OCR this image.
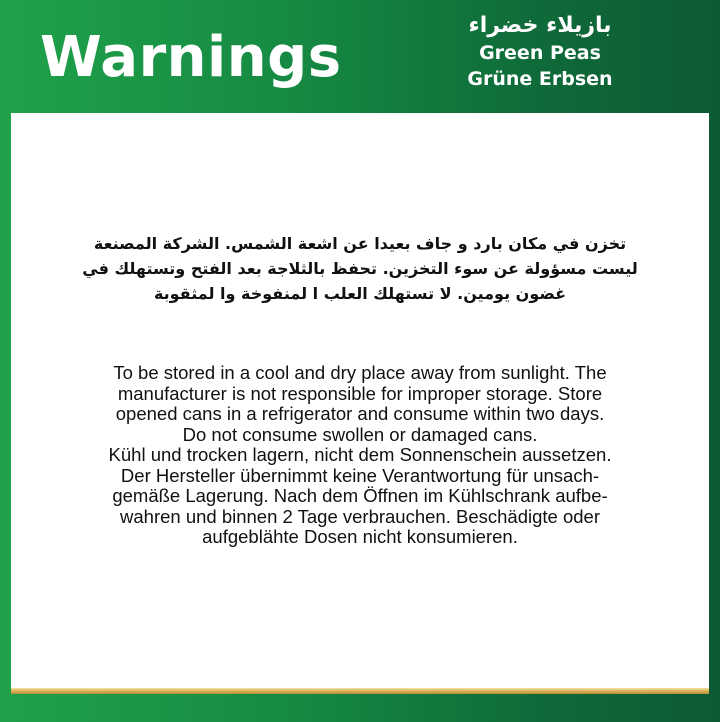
Warnings	بازيلاء خضراء
Green Peas
Grüne Erbsen
تخزن في مكان بارد و جاف بعيدا عن اشعة الشمس. الشركة المصنعة
ليست مسؤولة عن سوء التخزين. تحفظ بالثلاجة بعد الفتح وتستهلك في
غضون يومين. لا تستهلك العلب ا لمنفوخة وا لمثقوبة
To be stored in a cool and dry place away from sunlight. The
manufacturer is not responsible for improper storage. Store
opened cans in a refrigerator and consume within two days.
Do not consume swollen or damaged cans.
Kühl und trocken lagern, nicht dem Sonnenschein aussetzen.
Der Hersteller übernimmt keine Verantwortung für unsach-
gemäße Lagerung. Nach dem Öffnen im Kühlschrank aufbe-
wahren und binnen 2 Tage verbrauchen. Beschädigte oder
aufgeblähte Dosen nicht konsumieren.
